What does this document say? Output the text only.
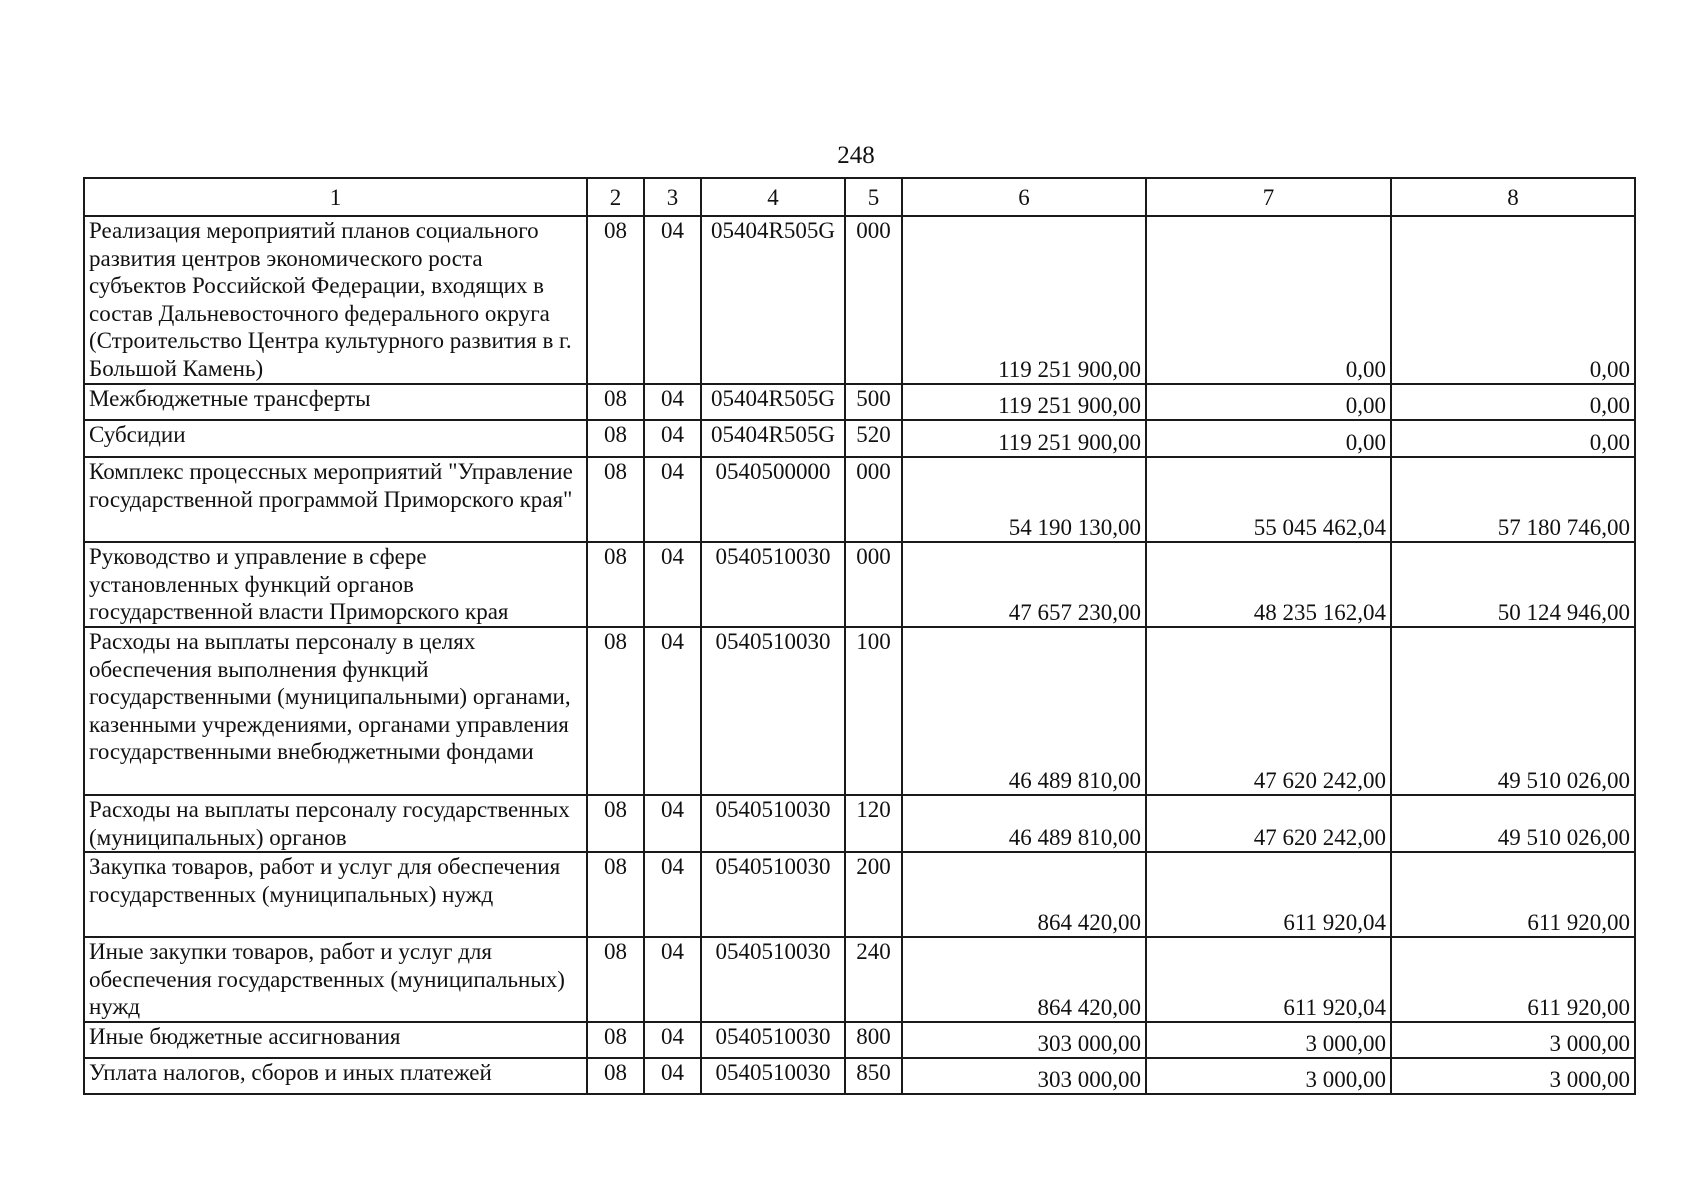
248
1	2	3	4	5	6	7	8
Реализация мероприятий планов социального развития центров экономического роста субъектов Российской Федерации, входящих в состав Дальневосточного федерального округа (Строительство Центра культурного развития в г. Большой Камень)	08	04	05404R505G	000	119 251 900,00	0,00	0,00
Межбюджетные трансферты	08	04	05404R505G	500	119 251 900,00	0,00	0,00
Субсидии	08	04	05404R505G	520	119 251 900,00	0,00	0,00
Комплекс процессных мероприятий "Управление государственной программой Приморского края"	08	04	0540500000	000	54 190 130,00	55 045 462,04	57 180 746,00
Руководство и управление в сфере установленных функций органов государственной власти Приморского края	08	04	0540510030	000	47 657 230,00	48 235 162,04	50 124 946,00
Расходы на выплаты персоналу в целях обеспечения выполнения функций государственными (муниципальными) органами, казенными учреждениями, органами управления государственными внебюджетными фондами	08	04	0540510030	100	46 489 810,00	47 620 242,00	49 510 026,00
Расходы на выплаты персоналу государственных (муниципальных) органов	08	04	0540510030	120	46 489 810,00	47 620 242,00	49 510 026,00
Закупка товаров, работ и услуг для обеспечения государственных (муниципальных) нужд	08	04	0540510030	200	864 420,00	611 920,04	611 920,00
Иные закупки товаров, работ и услуг для обеспечения государственных (муниципальных) нужд	08	04	0540510030	240	864 420,00	611 920,04	611 920,00
Иные бюджетные ассигнования	08	04	0540510030	800	303 000,00	3 000,00	3 000,00
Уплата налогов, сборов и иных платежей	08	04	0540510030	850	303 000,00	3 000,00	3 000,00
